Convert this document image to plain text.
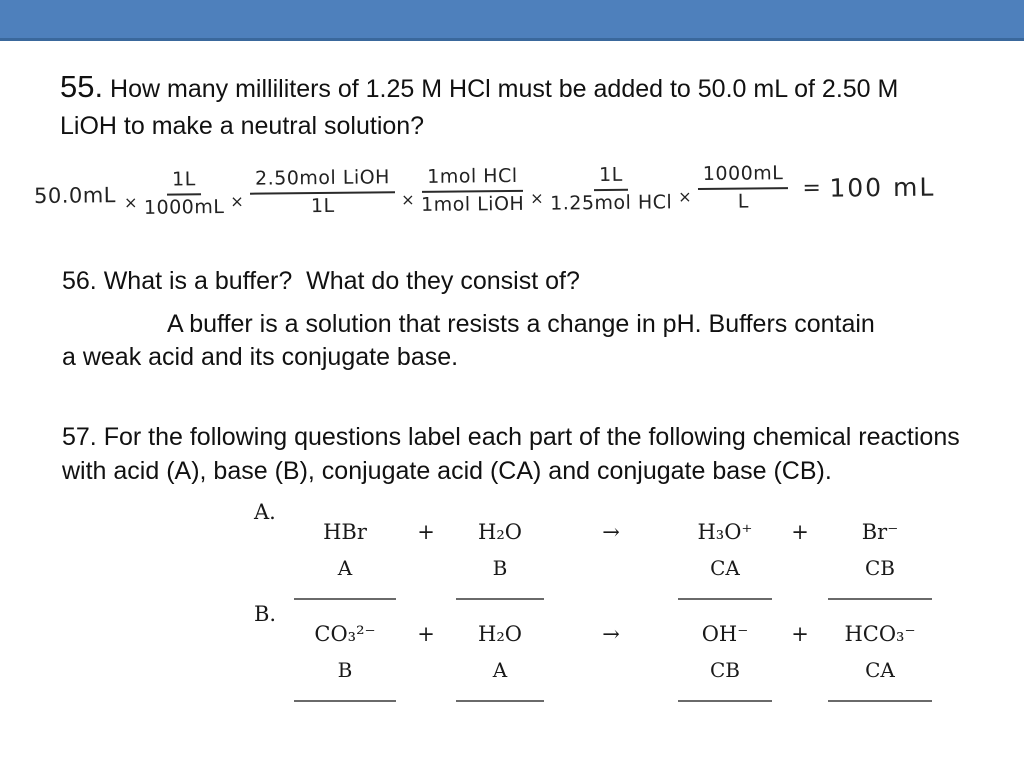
55. How many milliliters of 1.25 M HCl must be added to 50.0 mL of 2.50 M LiOH to make a neutral solution?
$50.0mL \times \frac{1L}{1000mL} \times \frac{\text{2.50mol LiOH}}{1L} \times \frac{\text{1mol HCl}}{\text{1mol LiOH}} \times \frac{1L}{\text{1.25mol HCl}} \times \frac{1000mL}{L} = 100$ mL
56. What is a buffer?  What do they consist of?
A buffer is a solution that resists a change in pH. Buffers contain a weak acid and its conjugate base.
57. For the following questions label each part of the following chemical reactions with acid (A), base (B), conjugate acid (CA) and conjugate base (CB).
A.
HBr	+	H₂O	→	H₃O⁺	+	Br⁻
A	B	CA	CB
B.
CO₃²⁻	+	H₂O	→	OH⁻	+	HCO₃⁻
B	A	CB	CA
